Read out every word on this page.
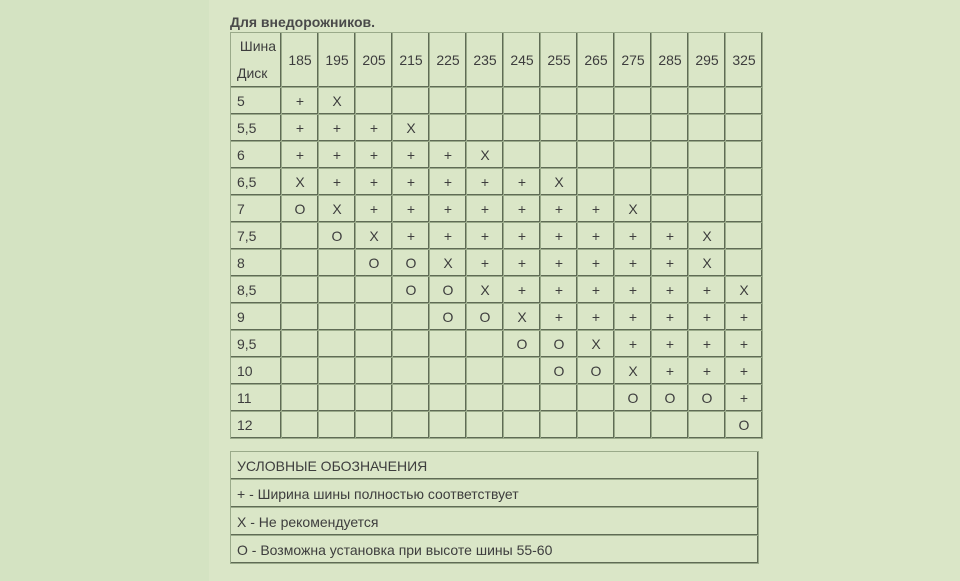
Для внедорожников.
Шина
Диск	185	195	205	215	225	235	245	255	265	275	285	295	325
5	+	X											
5,5	+	+	+	X									
6	+	+	+	+	+	X							
6,5	X	+	+	+	+	+	+	X					
7	O	X	+	+	+	+	+	+	+	X			
7,5		O	X	+	+	+	+	+	+	+	+	X	
8			O	O	X	+	+	+	+	+	+	X	
8,5				O	O	X	+	+	+	+	+	+	X
9					O	O	X	+	+	+	+	+	+
9,5							O	O	X	+	+	+	+
10								O	O	X	+	+	+
11										O	O	O	+
12													O
УСЛОВНЫЕ ОБОЗНАЧЕНИЯ
+ - Ширина шины полностью соответствует
Х - Не рекомендуется
О - Возможна установка при высоте шины 55-60
